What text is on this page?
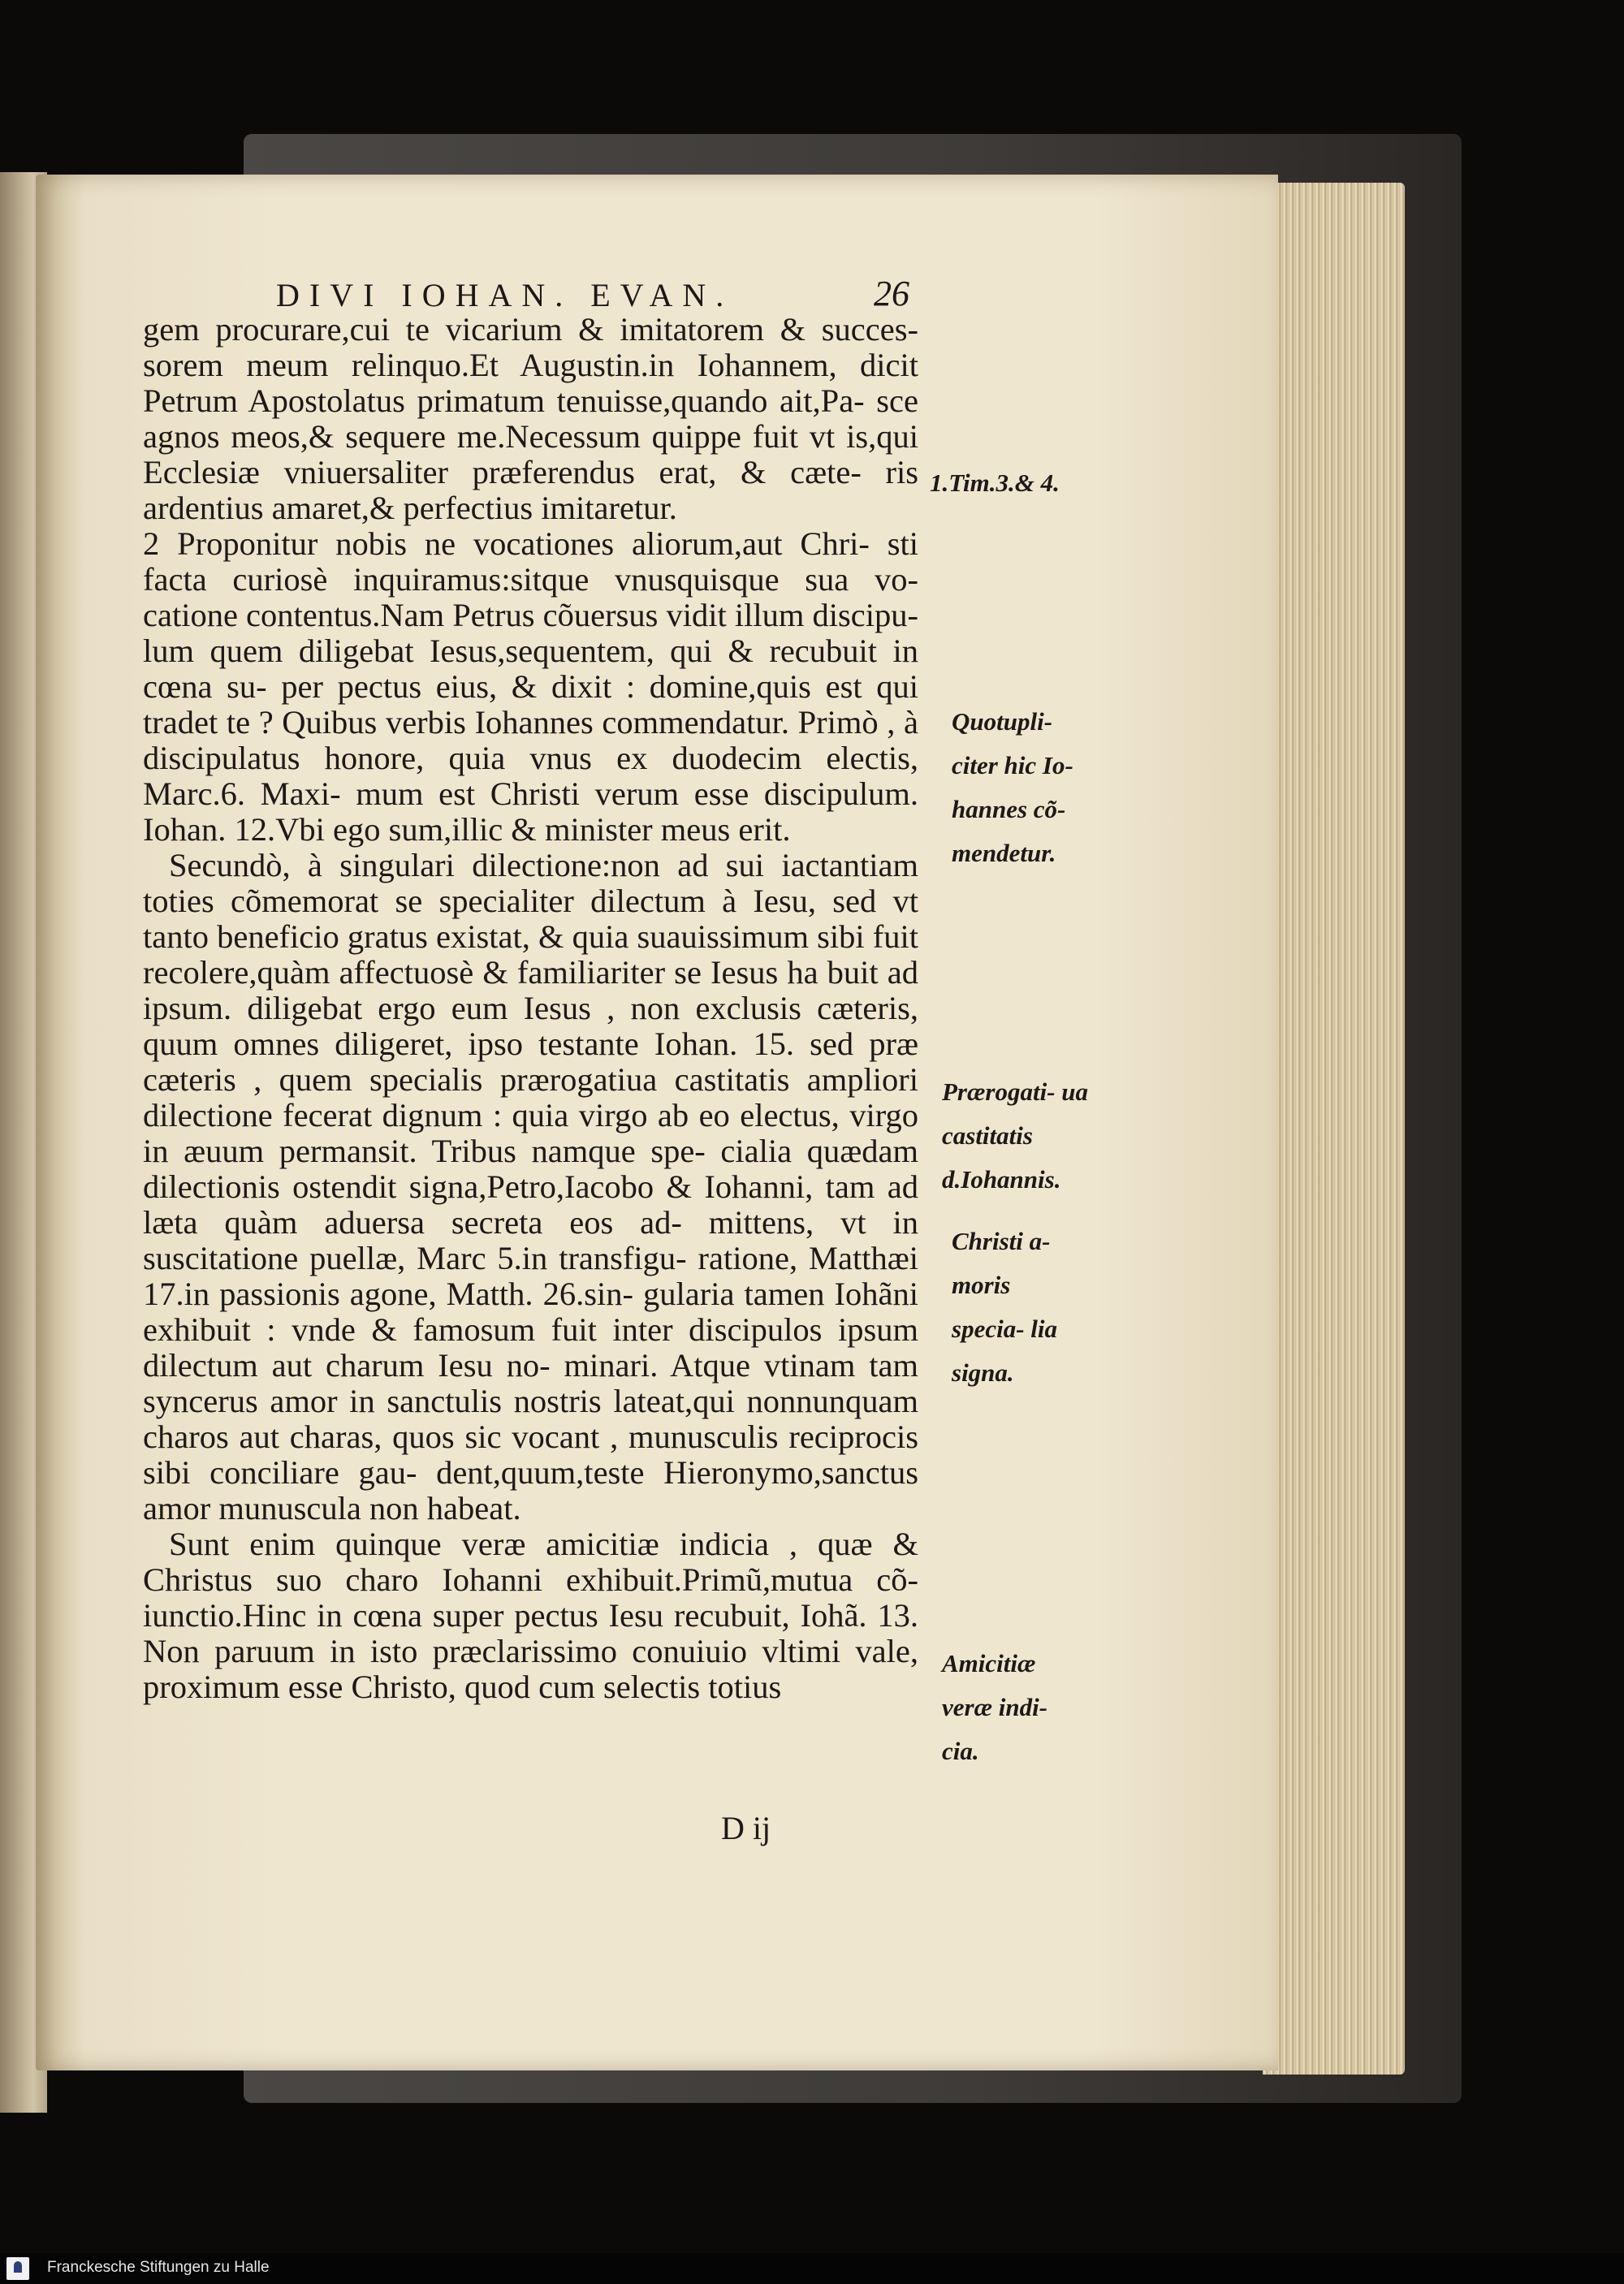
DIVI IOHAN. EVAN.	26

gem procurare,cui te vicarium & imitatorem & succes- sorem meum relinquo.Et Augustin.in Iohannem, dicit Petrum Apostolatus primatum tenuisse,quando ait,Pa- sce agnos meos,& sequere me.Necessum quippe fuit vt is,qui Ecclesiæ vniuersaliter præferendus erat, & cæte- ris ardentius amaret,& perfectius imitaretur.

2 Proponitur nobis ne vocationes aliorum,aut Chri- sti facta curiosè inquiramus:sitque vnusquisque sua vo- catione contentus.Nam Petrus cõuersus vidit illum discipu- lum quem diligebat Iesus,sequentem, qui & recubuit in cœna su- per pectus eius, & dixit : domine,quis est qui tradet te ? Quibus verbis Iohannes commendatur. Primò , à discipulatus honore, quia vnus ex duodecim electis, Marc.6. Maxi- mum est Christi verum esse discipulum. Iohan. 12.Vbi ego sum,illic & minister meus erit.

Secundò, à singulari dilectione:non ad sui iactantiam toties cõmemorat se specialiter dilectum à Iesu, sed vt tanto beneficio gratus existat, & quia suauissimum sibi fuit recolere,quàm affectuosè & familiariter se Iesus ha buit ad ipsum. diligebat ergo eum Iesus , non exclusis cæteris, quum omnes diligeret, ipso testante Iohan. 15. sed præ cæteris , quem specialis prærogatiua castitatis ampliori dilectione fecerat dignum : quia virgo ab eo electus, virgo in æuum permansit. Tribus namque spe- cialia quædam dilectionis ostendit signa,Petro,Iacobo & Iohanni, tam ad læta quàm aduersa secreta eos ad- mittens, vt in suscitatione puellæ, Marc 5.in transfigu- ratione, Matthæi 17.in passionis agone, Matth. 26.sin- gularia tamen Iohãni exhibuit : vnde & famosum fuit inter discipulos ipsum dilectum aut charum Iesu no- minari. Atque vtinam tam syncerus amor in sanctulis nostris lateat,qui nonnunquam charos aut charas, quos sic vocant , munusculis reciprocis sibi conciliare gau- dent,quum,teste Hieronymo,sanctus amor munuscula non habeat.

Sunt enim quinque veræ amicitiæ indicia , quæ & Christus suo charo Iohanni exhibuit.Primũ,mutua cõ- iunctio.Hinc in cœna super pectus Iesu recubuit, Iohã. 13. Non paruum in isto præclarissimo conuiuio vltimi vale, proximum esse Christo, quod cum selectis totius

1.Tim.3.& 4.
Quotupli- citer hic Io- hannes cõ- mendetur.
Prærogati- ua castitatis d.Iohannis.
Christi a- moris specia- lia signa.
Amicitiæ veræ indi- cia.
D ij
Franckesche Stiftungen zu Halle
